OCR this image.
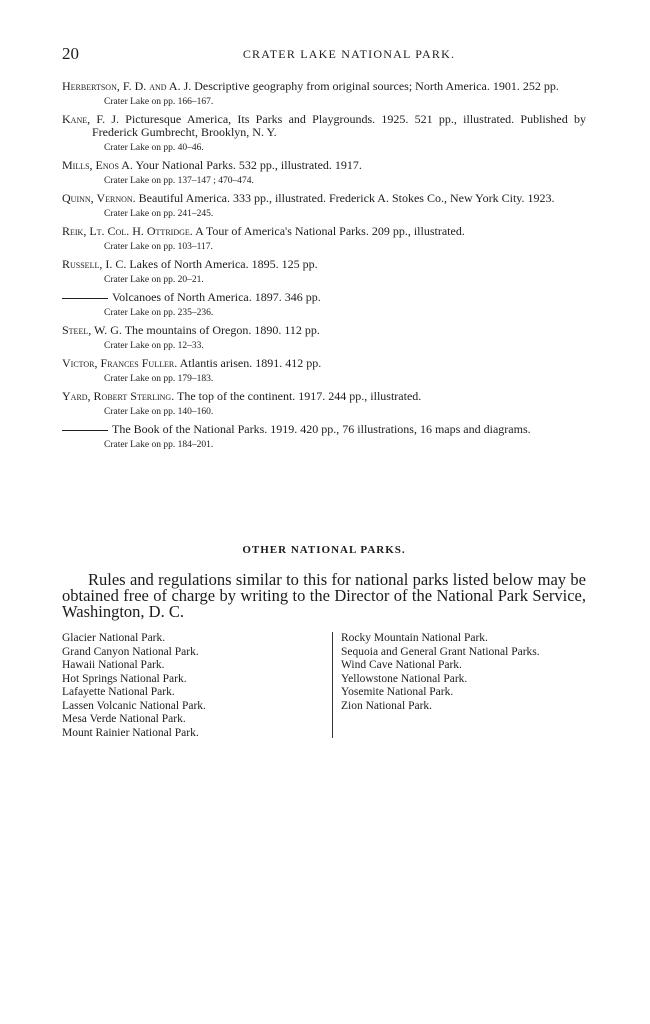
20	CRATER LAKE NATIONAL PARK.
Herbertson, F. D. and A. J. Descriptive geography from original sources; North America. 1901. 252 pp.
Crater Lake on pp. 166–167.
Kane, F. J. Picturesque America, Its Parks and Playgrounds. 1925. 521 pp., illustrated. Published by Frederick Gumbrecht, Brooklyn, N. Y.
Crater Lake on pp. 40–46.
Mills, Enos A. Your National Parks. 532 pp., illustrated. 1917.
Crater Lake on pp. 137–147 ; 470–474.
Quinn, Vernon. Beautiful America. 333 pp., illustrated. Frederick A. Stokes Co., New York City. 1923.
Crater Lake on pp. 241–245.
Reik, Lt. Col. H. Ottridge. A Tour of America's National Parks. 209 pp., illustrated.
Crater Lake on pp. 103–117.
Russell, I. C. Lakes of North America. 1895. 125 pp.
Crater Lake on pp. 20–21.
Volcanoes of North America. 1897. 346 pp.
Crater Lake on pp. 235–236.
Steel, W. G. The mountains of Oregon. 1890. 112 pp.
Crater Lake on pp. 12–33.
Victor, Frances Fuller. Atlantis arisen. 1891. 412 pp.
Crater Lake on pp. 179–183.
Yard, Robert Sterling. The top of the continent. 1917. 244 pp., illustrated.
Crater Lake on pp. 140–160.
The Book of the National Parks. 1919. 420 pp., 76 illustrations, 16 maps and diagrams.
Crater Lake on pp. 184–201.
OTHER NATIONAL PARKS.
Rules and regulations similar to this for national parks listed below may be obtained free of charge by writing to the Director of the National Park Service, Washington, D. C.
Glacier National Park.
Grand Canyon National Park.
Hawaii National Park.
Hot Springs National Park.
Lafayette National Park.
Lassen Volcanic National Park.
Mesa Verde National Park.
Mount Rainier National Park.
Rocky Mountain National Park.
Sequoia and General Grant National Parks.
Wind Cave National Park.
Yellowstone National Park.
Yosemite National Park.
Zion National Park.
